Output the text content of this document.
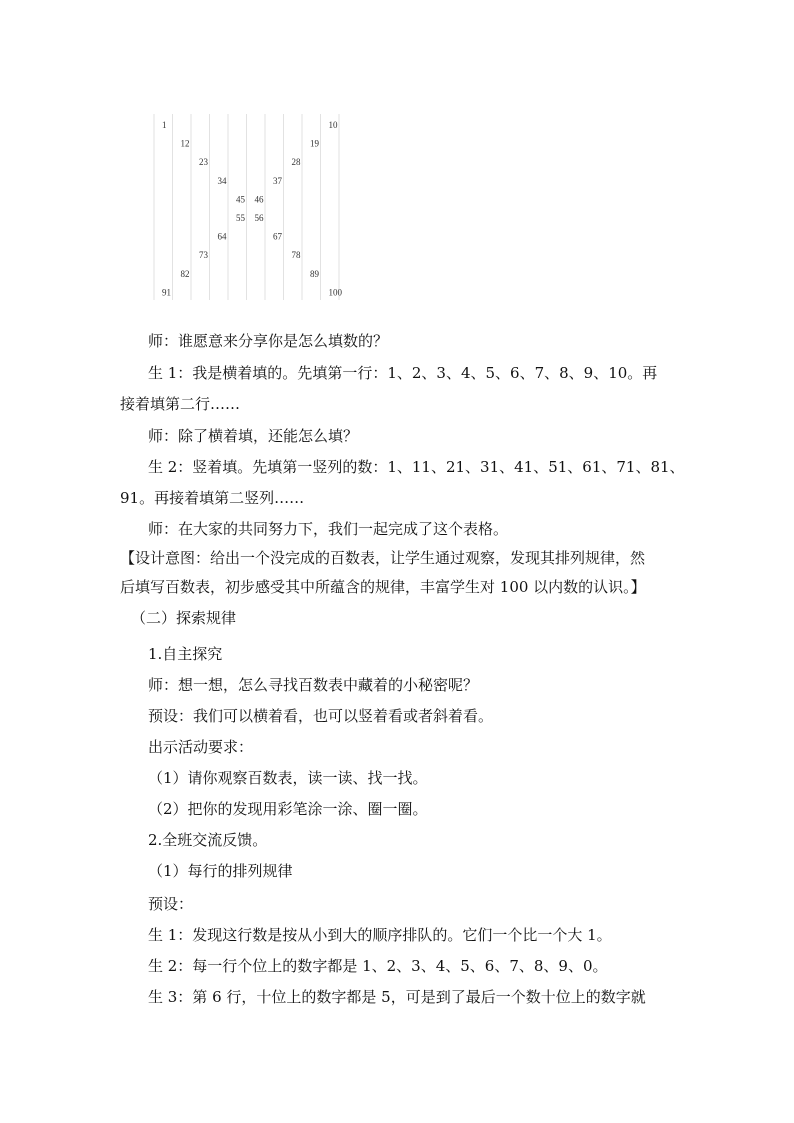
1
12
23
34
45 46
55 56
64
73
82
91
37
28
19
10
67
78
89
100
师：谁愿意来分享你是怎么填数的？
生 1：我是横着填的。先填第一行：1、2、3、4、5、6、7、8、9、10。再
接着填第二行……
师：除了横着填，还能怎么填？
生 2：竖着填。先填第一竖列的数：1、11、21、31、41、51、61、71、81、
91。再接着填第二竖列……
师：在大家的共同努力下，我们一起完成了这个表格。
【设计意图：给出一个没完成的百数表，让学生通过观察，发现其排列规律，然
后填写百数表，初步感受其中所蕴含的规律，丰富学生对 100 以内数的认识。】
（二）探索规律
1.自主探究
师：想一想，怎么寻找百数表中藏着的小秘密呢？
预设：我们可以横着看，也可以竖着看或者斜着看。
出示活动要求：
（1）请你观察百数表，读一读、找一找。
（2）把你的发现用彩笔涂一涂、圈一圈。
2.全班交流反馈。
（1）每行的排列规律
预设：
生 1：发现这行数是按从小到大的顺序排队的。它们一个比一个大 1。
生 2：每一行个位上的数字都是 1、2、3、4、5、6、7、8、9、0。
生 3：第 6 行，十位上的数字都是 5，可是到了最后一个数十位上的数字就
